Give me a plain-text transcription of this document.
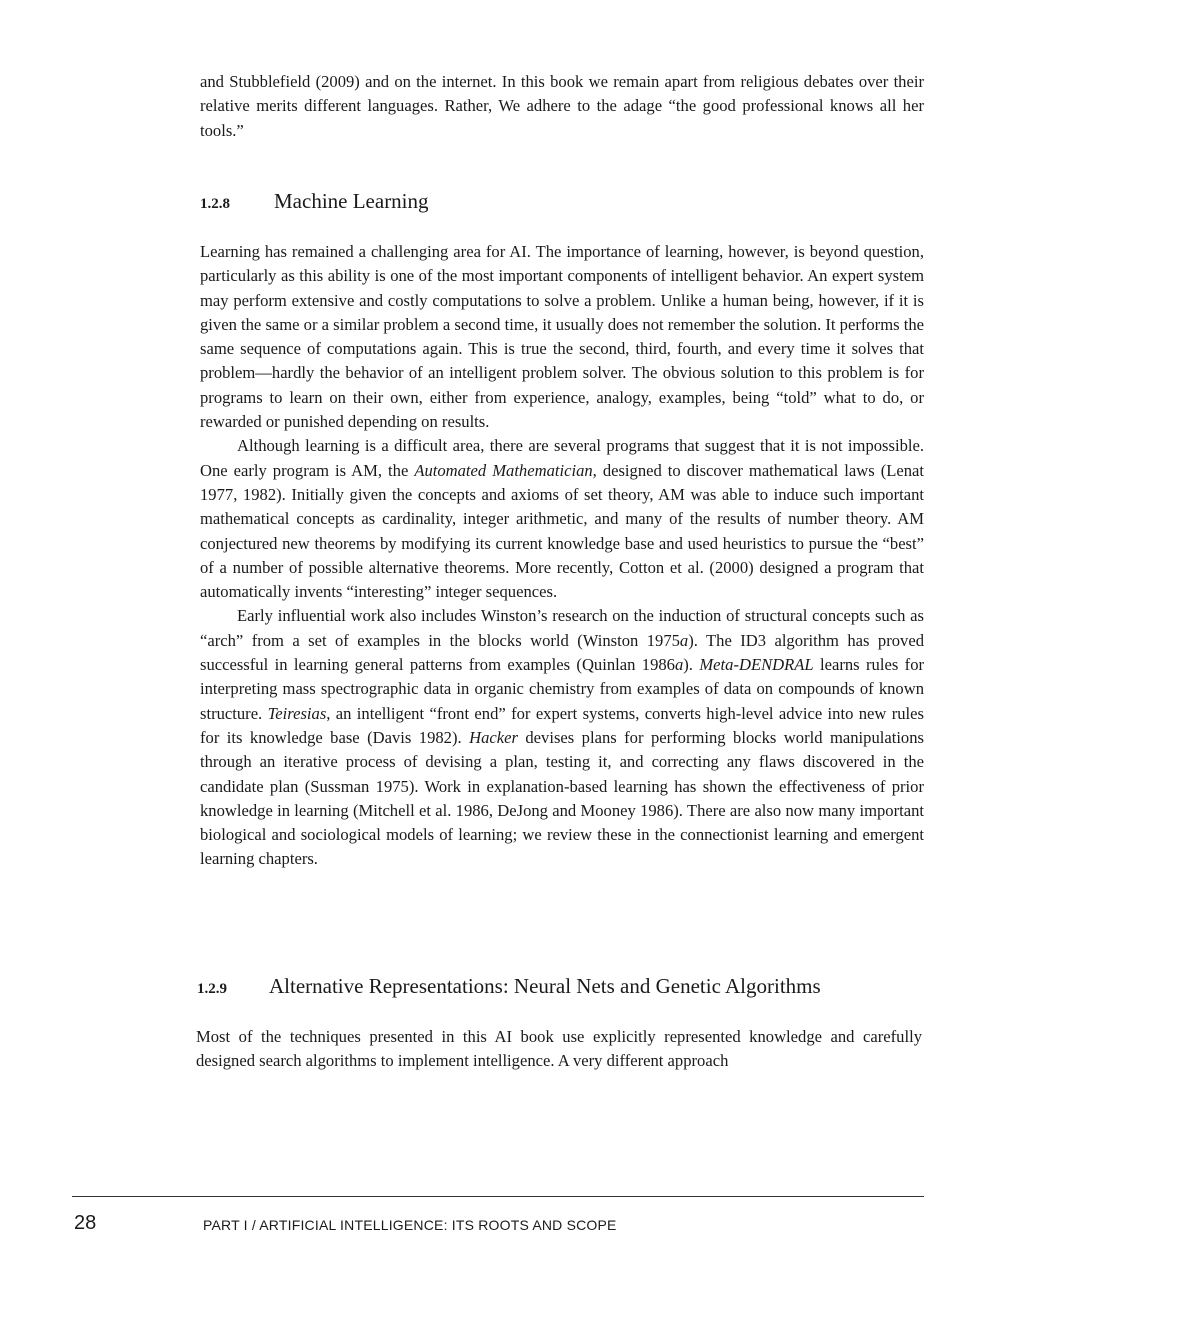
and Stubblefield (2009) and on the internet. In this book we remain apart from religious debates over their relative merits different languages. Rather, We adhere to the adage “the good professional knows all her tools.”

1.2.8 Machine Learning

Learning has remained a challenging area for AI. The importance of learning, however, is beyond question, particularly as this ability is one of the most important components of intelligent behavior. An expert system may perform extensive and costly computations to solve a problem. Unlike a human being, however, if it is given the same or a similar problem a second time, it usually does not remember the solution. It performs the same sequence of computations again. This is true the second, third, fourth, and every time it solves that problem—hardly the behavior of an intelligent problem solver. The obvious solution to this problem is for programs to learn on their own, either from experience, analogy, examples, being “told” what to do, or rewarded or punished depending on results.

Although learning is a difficult area, there are several programs that suggest that it is not impossible. One early program is AM, the Automated Mathematician, designed to discover mathematical laws (Lenat 1977, 1982). Initially given the concepts and axioms of set theory, AM was able to induce such important mathematical concepts as cardinality, integer arithmetic, and many of the results of number theory. AM conjectured new theorems by modifying its current knowledge base and used heuristics to pursue the “best” of a number of possible alternative theorems. More recently, Cotton et al. (2000) designed a program that automatically invents “interesting” integer sequences.

Early influential work also includes Winston’s research on the induction of structural concepts such as “arch” from a set of examples in the blocks world (Winston 1975a). The ID3 algorithm has proved successful in learning general patterns from examples (Quinlan 1986a). Meta-DENDRAL learns rules for interpreting mass spectrographic data in organic chemistry from examples of data on compounds of known structure. Teiresias, an intelligent “front end” for expert systems, converts high-level advice into new rules for its knowledge base (Davis 1982). Hacker devises plans for performing blocks world manipulations through an iterative process of devising a plan, testing it, and correcting any flaws discovered in the candidate plan (Sussman 1975). Work in explanation-based learning has shown the effectiveness of prior knowledge in learning (Mitchell et al. 1986, DeJong and Mooney 1986). There are also now many important biological and sociological models of learning; we review these in the connectionist learning and emergent learning chapters.

1.2.9 Alternative Representations: Neural Nets and Genetic Algorithms

Most of the techniques presented in this AI book use explicitly represented knowledge and carefully designed search algorithms to implement intelligence. A very different approach

28	PART I / ARTIFICIAL INTELLIGENCE: ITS ROOTS AND SCOPE
